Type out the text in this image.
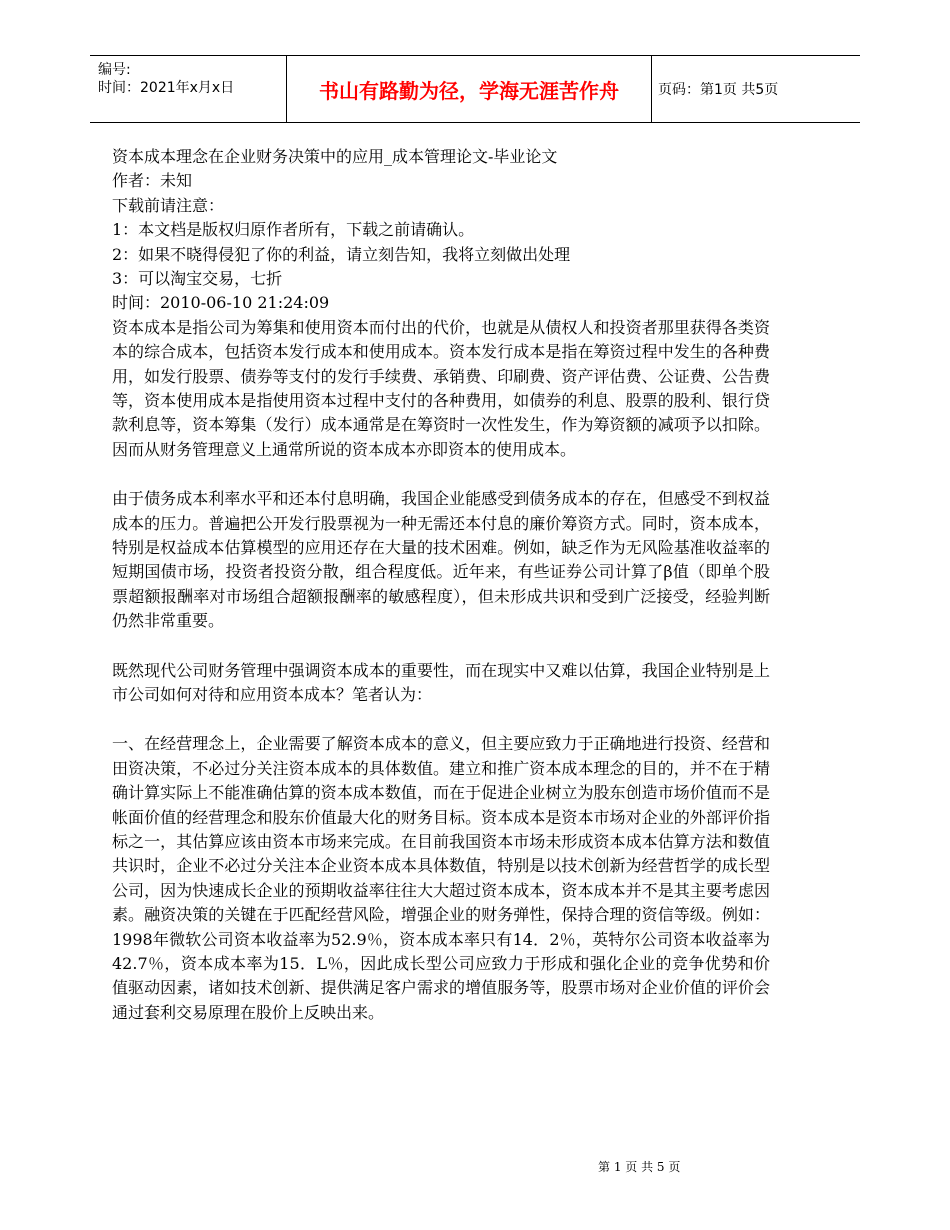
编号:
时间：2021年x月x日	书山有路勤为径，学海无涯苦作舟	页码：第1页 共5页

资本成本理念在企业财务决策中的应用_成本管理论文-毕业论文

作者：未知

下载前请注意：

1：本文档是版权归原作者所有，下载之前请确认。

2：如果不晓得侵犯了你的利益，请立刻告知，我将立刻做出处理

3：可以淘宝交易，七折

时间：2010-06-10 21:24:09

资本成本是指公司为筹集和使用资本而付出的代价，也就是从债权人和投资者那里获得各类资本的综合成本，包括资本发行成本和使用成本。资本发行成本是指在筹资过程中发生的各种费用，如发行股票、债券等支付的发行手续费、承销费、印刷费、资产评估费、公证费、公告费等，资本使用成本是指使用资本过程中支付的各种费用，如债券的利息、股票的股利、银行贷款利息等，资本筹集（发行）成本通常是在筹资时一次性发生，作为筹资额的减项予以扣除。因而从财务管理意义上通常所说的资本成本亦即资本的使用成本。

由于债务成本利率水平和还本付息明确，我国企业能感受到债务成本的存在，但感受不到权益成本的压力。普遍把公开发行股票视为一种无需还本付息的廉价筹资方式。同时，资本成本，特别是权益成本估算模型的应用还存在大量的技术困难。例如，缺乏作为无风险基准收益率的短期国债市场，投资者投资分散，组合程度低。近年来，有些证券公司计算了β值（即单个股票超额报酬率对市场组合超额报酬率的敏感程度），但未形成共识和受到广泛接受，经验判断仍然非常重要。

既然现代公司财务管理中强调资本成本的重要性，而在现实中又难以估算，我国企业特别是上市公司如何对待和应用资本成本？笔者认为：

一、在经营理念上，企业需要了解资本成本的意义，但主要应致力于正确地进行投资、经营和田资决策，不必过分关注资本成本的具体数值。建立和推广资本成本理念的目的，并不在于精确计算实际上不能准确估算的资本成本数值，而在于促进企业树立为股东创造市场价值而不是帐面价值的经营理念和股东价值最大化的财务目标。资本成本是资本市场对企业的外部评价指标之一，其估算应该由资本市场来完成。在目前我国资本市场未形成资本成本估算方法和数值共识时，企业不必过分关注本企业资本成本具体数值，特别是以技术创新为经营哲学的成长型公司，因为快速成长企业的预期收益率往往大大超过资本成本，资本成本并不是其主要考虑因素。融资决策的关键在于匹配经营风险，增强企业的财务弹性，保持合理的资信等级。例如：1998年微软公司资本收益率为52.9％，资本成本率只有14．2％，英特尔公司资本收益率为42.7％，资本成本率为15．L％，因此成长型公司应致力于形成和强化企业的竞争优势和价值驱动因素，诸如技术创新、提供满足客户需求的增值服务等，股票市场对企业价值的评价会通过套利交易原理在股价上反映出来。

第 1 页 共 5 页
